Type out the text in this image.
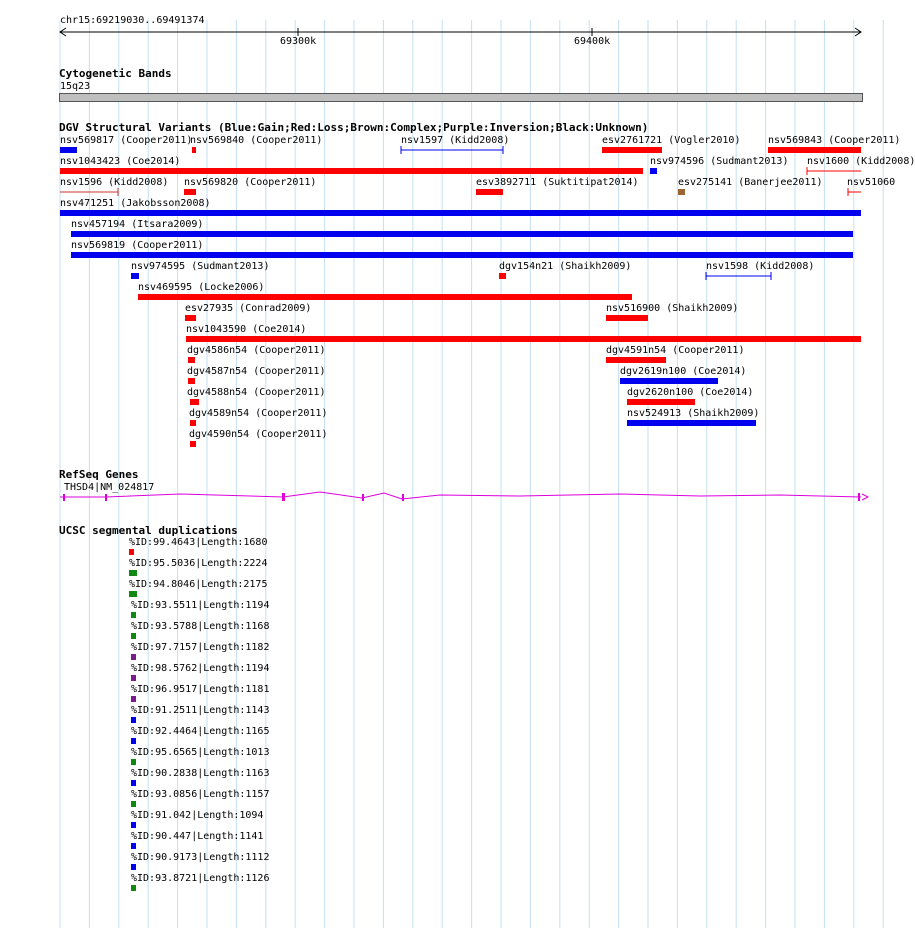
chr15:69219030..69491374
69300k	69400k
Cytogenetic Bands
15q23
DGV Structural Variants (Blue:Gain;Red:Loss;Brown:Complex;Purple:Inversion;Black:Unknown)
nsv569817 (Cooper2011)
nsv569840 (Cooper2011)	nsv1597 (Kidd2008)	esv2761721 (Vogler2010)	nsv569843 (Cooper2011)
nsv1043423 (Coe2014)	nsv974596 (Sudmant2013) nsv1600 (Kidd2008)
nsv1596 (Kidd2008) nsv569820 (Cooper2011)	esv3892711 (Suktitipat2014)	esv275141 (Banerjee2011) nsv51060
nsv471251 (Jakobsson2008)
nsv457194 (Itsara2009)
nsv569819 (Cooper2011)
nsv974595 (Sudmant2013)	dgv154n21 (Shaikh2009)	nsv1598 (Kidd2008)
nsv469595 (Locke2006)
esv27935 (Conrad2009)	nsv516900 (Shaikh2009)
nsv1043590 (Coe2014)
dgv4586n54 (Cooper2011)	dgv4591n54 (Cooper2011)
dgv4587n54 (Cooper2011)	dgv2619n100 (Coe2014)
dgv4588n54 (Cooper2011)	dgv2620n100 (Coe2014)
dgv4589n54 (Cooper2011)	nsv524913 (Shaikh2009)
dgv4590n54 (Cooper2011)
RefSeq Genes
THSD4|NM_024817
UCSC segmental duplications
%ID:99.4643|Length:1680
%ID:95.5036|Length:2224
%ID:94.8046|Length:2175
%ID:93.5511|Length:1194
%ID:93.5788|Length:1168
%ID:97.7157|Length:1182
%ID:98.5762|Length:1194
%ID:96.9517|Length:1181
%ID:91.2511|Length:1143
%ID:92.4464|Length:1165
%ID:95.6565|Length:1013
%ID:90.2838|Length:1163
%ID:93.0856|Length:1157
%ID:91.042|Length:1094
%ID:90.447|Length:1141
%ID:90.9173|Length:1112
%ID:93.8721|Length:1126
